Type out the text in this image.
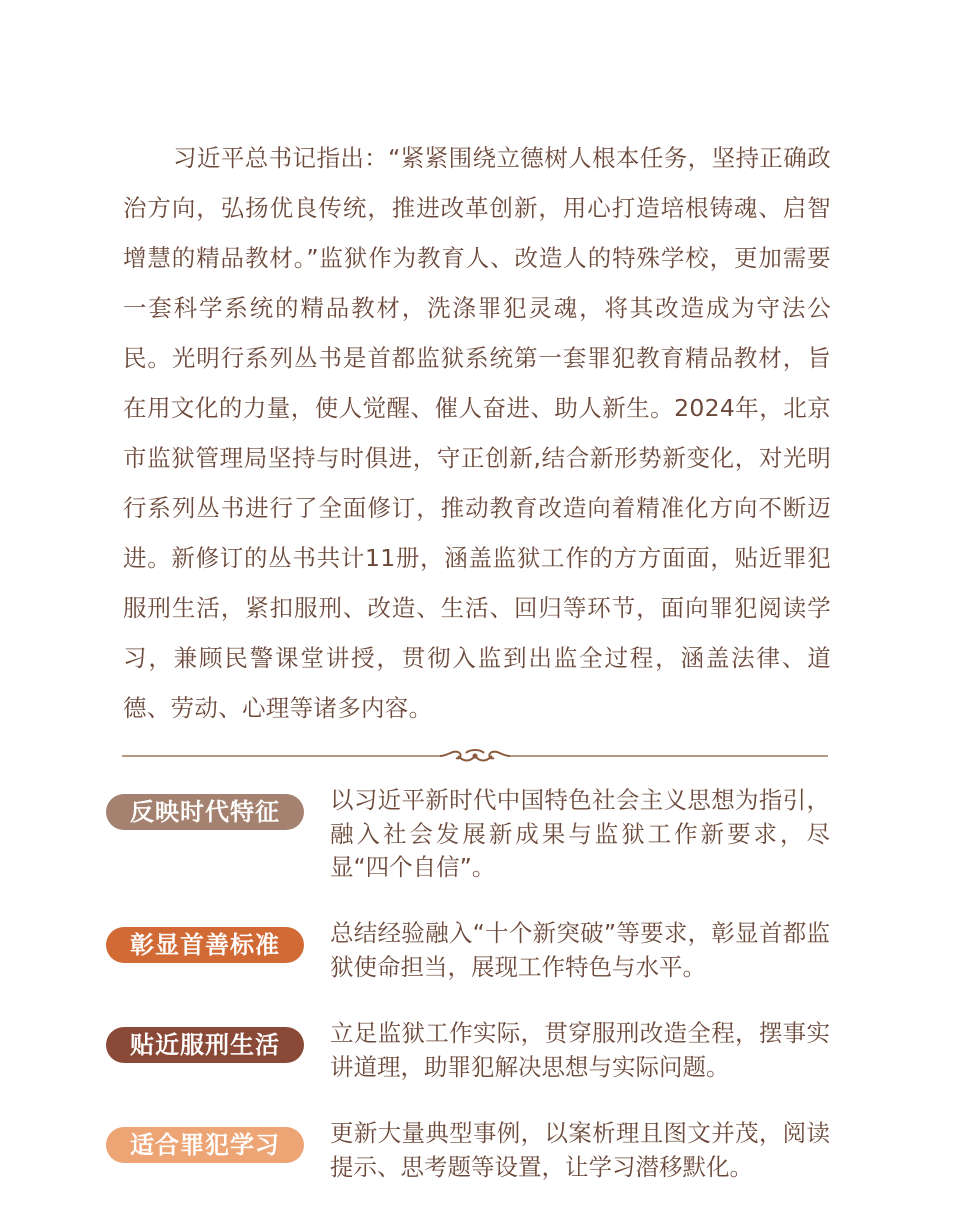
习近平总书记指出：“紧紧围绕立德树人根本任务，坚持正确政治方向，弘扬优良传统，推进改革创新，用心打造培根铸魂、启智增慧的精品教材。”监狱作为教育人、改造人的特殊学校，更加需要一套科学系统的精品教材，洗涤罪犯灵魂，将其改造成为守法公民。光明行系列丛书是首都监狱系统第一套罪犯教育精品教材，旨在用文化的力量，使人觉醒、催人奋进、助人新生。2024年，北京市监狱管理局坚持与时俱进，守正创新,结合新形势新变化，对光明行系列丛书进行了全面修订，推动教育改造向着精准化方向不断迈进。新修订的丛书共计11册，涵盖监狱工作的方方面面，贴近罪犯服刑生活，紧扣服刑、改造、生活、回归等环节，面向罪犯阅读学习，兼顾民警课堂讲授，贯彻入监到出监全过程，涵盖法律、道德、劳动、心理等诸多内容。

反映时代特征	以习近平新时代中国特色社会主义思想为指引，融入社会发展新成果与监狱工作新要求，尽显“四个自信”。

彰显首善标准	总结经验融入“十个新突破”等要求，彰显首都监狱使命担当，展现工作特色与水平。

贴近服刑生活	立足监狱工作实际，贯穿服刑改造全程，摆事实讲道理，助罪犯解决思想与实际问题。

适合罪犯学习	更新大量典型事例，以案析理且图文并茂，阅读提示、思考题等设置，让学习潜移默化。
